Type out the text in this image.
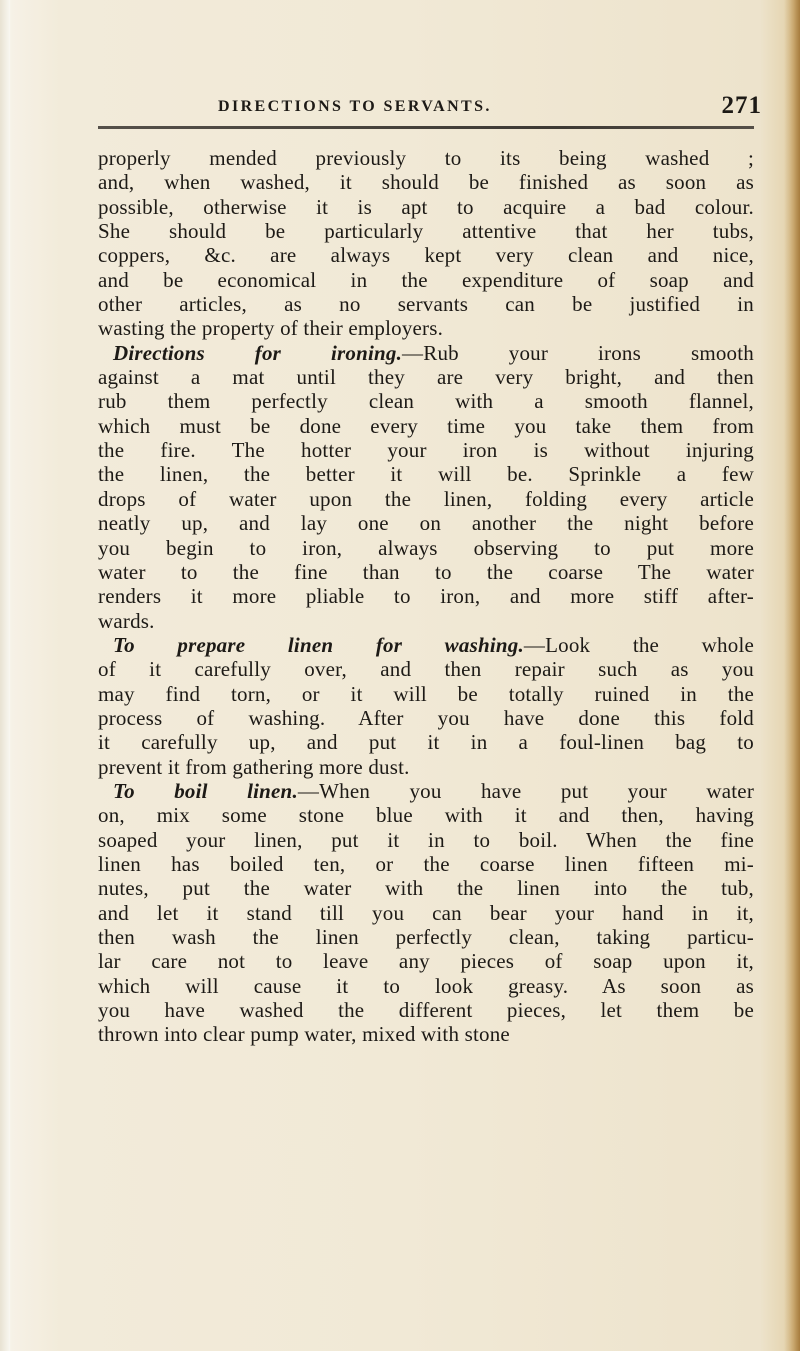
DIRECTIONS TO SERVANTS.	271
properly mended previously to its being washed ;
and, when washed, it should be finished as soon as
possible, otherwise it is apt to acquire a bad colour.
She should be particularly attentive that her tubs,
coppers, &c. are always kept very clean and nice,
and be economical in the expenditure of soap and
other articles, as no servants can be justified in
wasting the property of their employers.
Directions for ironing.—Rub your irons smooth
against a mat until they are very bright, and then
rub them perfectly clean with a smooth flannel,
which must be done every time you take them from
the fire. The hotter your iron is without injuring
the linen, the better it will be. Sprinkle a few
drops of water upon the linen, folding every article
neatly up, and lay one on another the night before
you begin to iron, always observing to put more
water to the fine than to the coarse The water
renders it more pliable to iron, and more stiff after-
wards.
To prepare linen for washing.—Look the whole
of it carefully over, and then repair such as you
may find torn, or it will be totally ruined in the
process of washing. After you have done this fold
it carefully up, and put it in a foul-linen bag to
prevent it from gathering more dust.
To boil linen.—When you have put your water
on, mix some stone blue with it and then, having
soaped your linen, put it in to boil. When the fine
linen has boiled ten, or the coarse linen fifteen mi-
nutes, put the water with the linen into the tub,
and let it stand till you can bear your hand in it,
then wash the linen perfectly clean, taking particu-
lar care not to leave any pieces of soap upon it,
which will cause it to look greasy. As soon as
you have washed the different pieces, let them be
thrown into clear pump water, mixed with stone
